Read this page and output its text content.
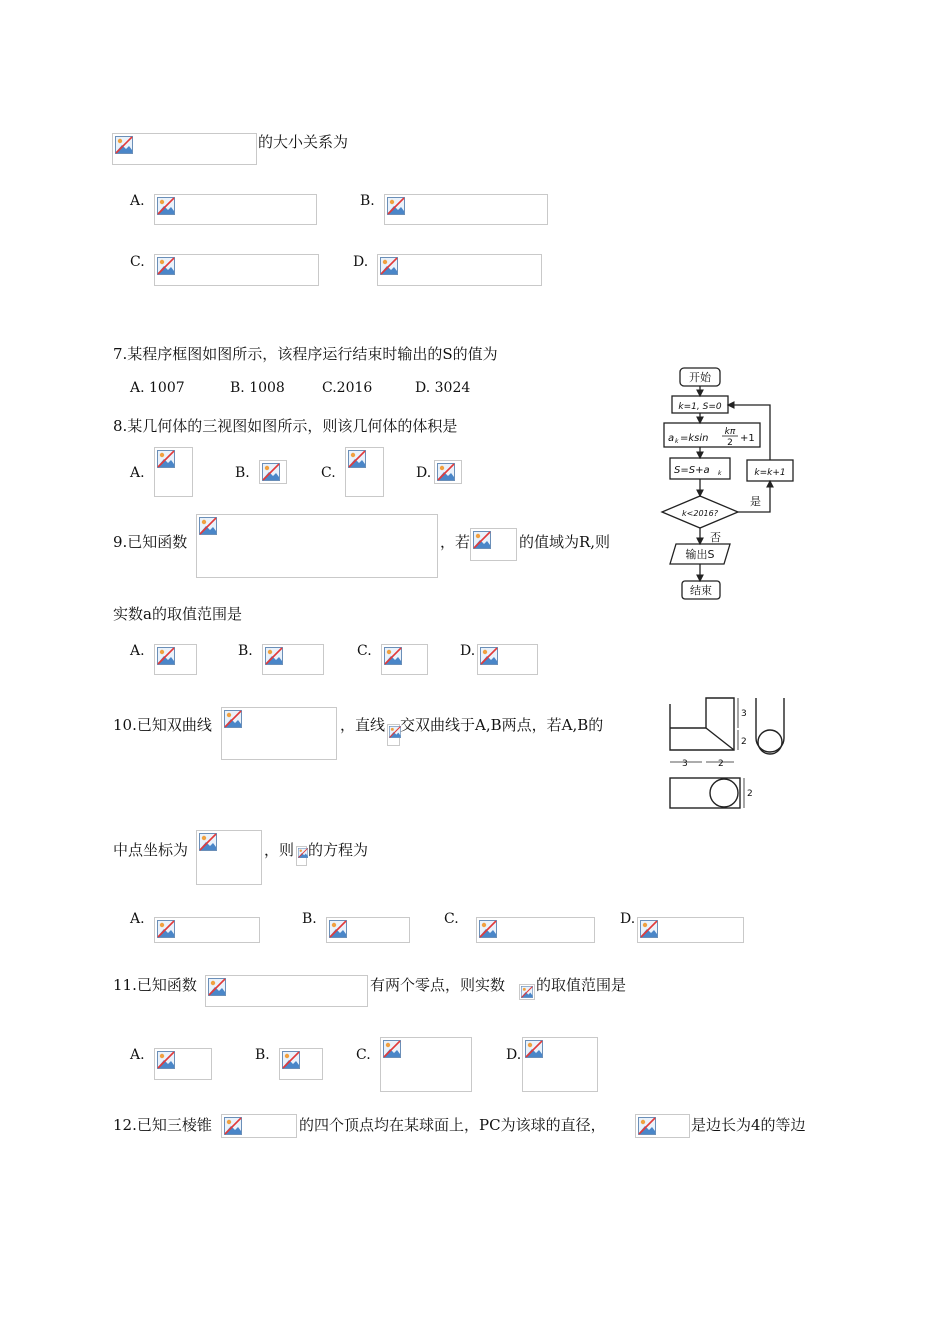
的大小关系为
A.	B.
C.	D.
7.某程序框图如图所示，该程序运行结束时输出的S的值为
A. 1007	B. 1008	C.2016	D. 3024
8.某几何体的三视图如图所示，则该几何体的体积是
A.	B.	C.	D.
9.已知函数	，若	的值域为R,则
实数a的取值范围是
A.	B.	C.	D.
10.已知双曲线	，直线 交双曲线于A,B两点，若A,B的
中点坐标为	，则 的方程为
A.	B.	C.	D.
11.已知函数	有两个零点，则实数 的取值范围是
A.	B.	C.	D.
12.已知三棱锥	的四个顶点均在某球面上，PC为该球的直径，	是边长为4的等边
开始
k=1, S=0
a k =ksin
kπ
2 +1
S=S+a k
k<2016?
k=k+1
是
否
输出S
结束
3
2
3	2
2
